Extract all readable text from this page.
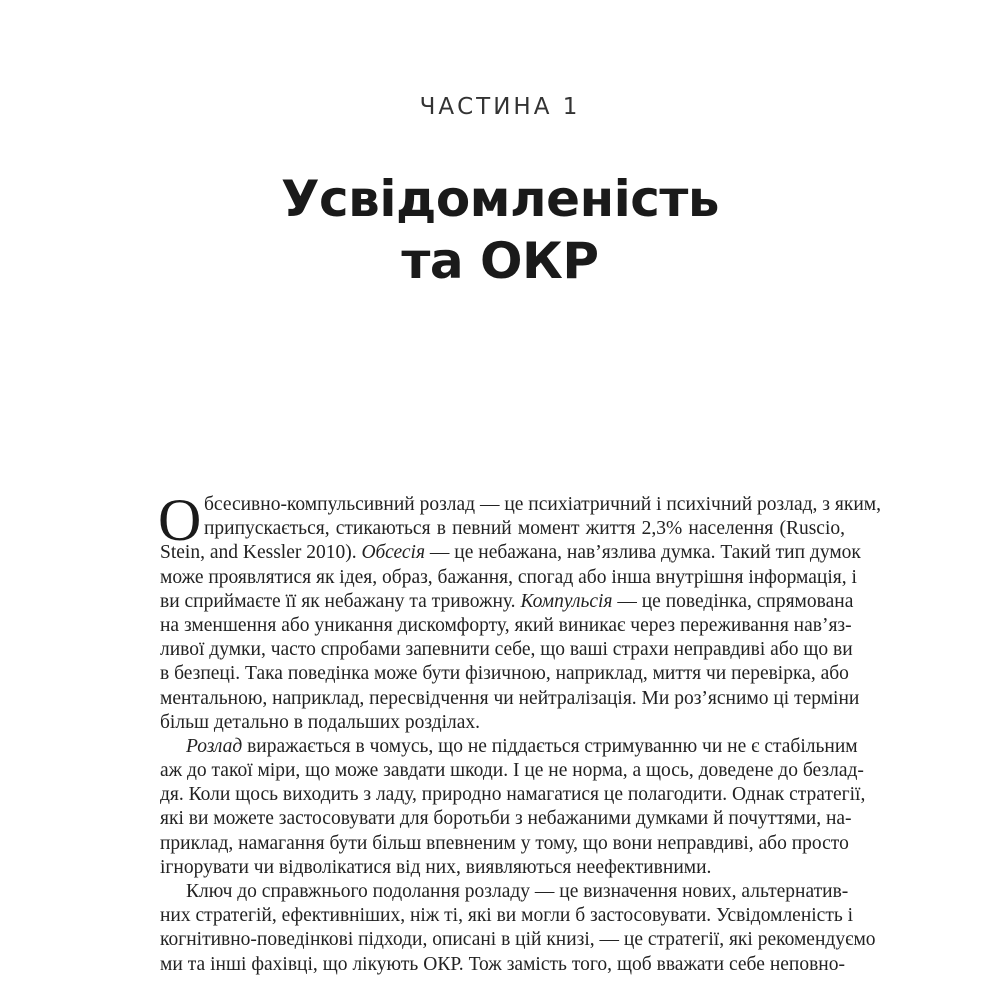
ЧАСТИНА 1
Усвідомленість
та ОКР
О бсесивно-компульсивний розлад — це психіатричний і психічний розлад, з яким,
припускається, стикаються в певний момент життя 2,3% населення (Ruscio,
Stein, and Kessler 2010). Обсесія — це небажана, нав’язлива думка. Такий тип думок
може проявлятися як ідея, образ, бажання, спогад або інша внутрішня інформація, і
ви сприймаєте її як небажану та тривожну. Компульсія — це поведінка, спрямована
на зменшення або уникання дискомфорту, який виникає через переживання нав’яз-
ливої думки, часто спробами запевнити себе, що ваші страхи неправдиві або що ви
в безпеці. Така поведінка може бути фізичною, наприклад, миття чи перевірка, або
ментальною, наприклад, пересвідчення чи нейтралізація. Ми роз’яснимо ці терміни
більш детально в подальших розділах.
Розлад виражається в чомусь, що не піддається стримуванню чи не є стабільним
аж до такої міри, що може завдати шкоди. І це не норма, а щось, доведене до безлад-
дя. Коли щось виходить з ладу, природно намагатися це полагодити. Однак стратегії,
які ви можете застосовувати для боротьби з небажаними думками й почуттями, на-
приклад, намагання бути більш впевненим у тому, що вони неправдиві, або просто
ігнорувати чи відволікатися від них, виявляються неефективними.
Ключ до справжнього подолання розладу — це визначення нових, альтернатив-
них стратегій, ефективніших, ніж ті, які ви могли б застосовувати. Усвідомленість і
когнітивно-поведінкові підходи, описані в цій книзі, — це стратегії, які рекомендуємо
ми та інші фахівці, що лікують ОКР. Тож замість того, щоб вважати себе неповно-
